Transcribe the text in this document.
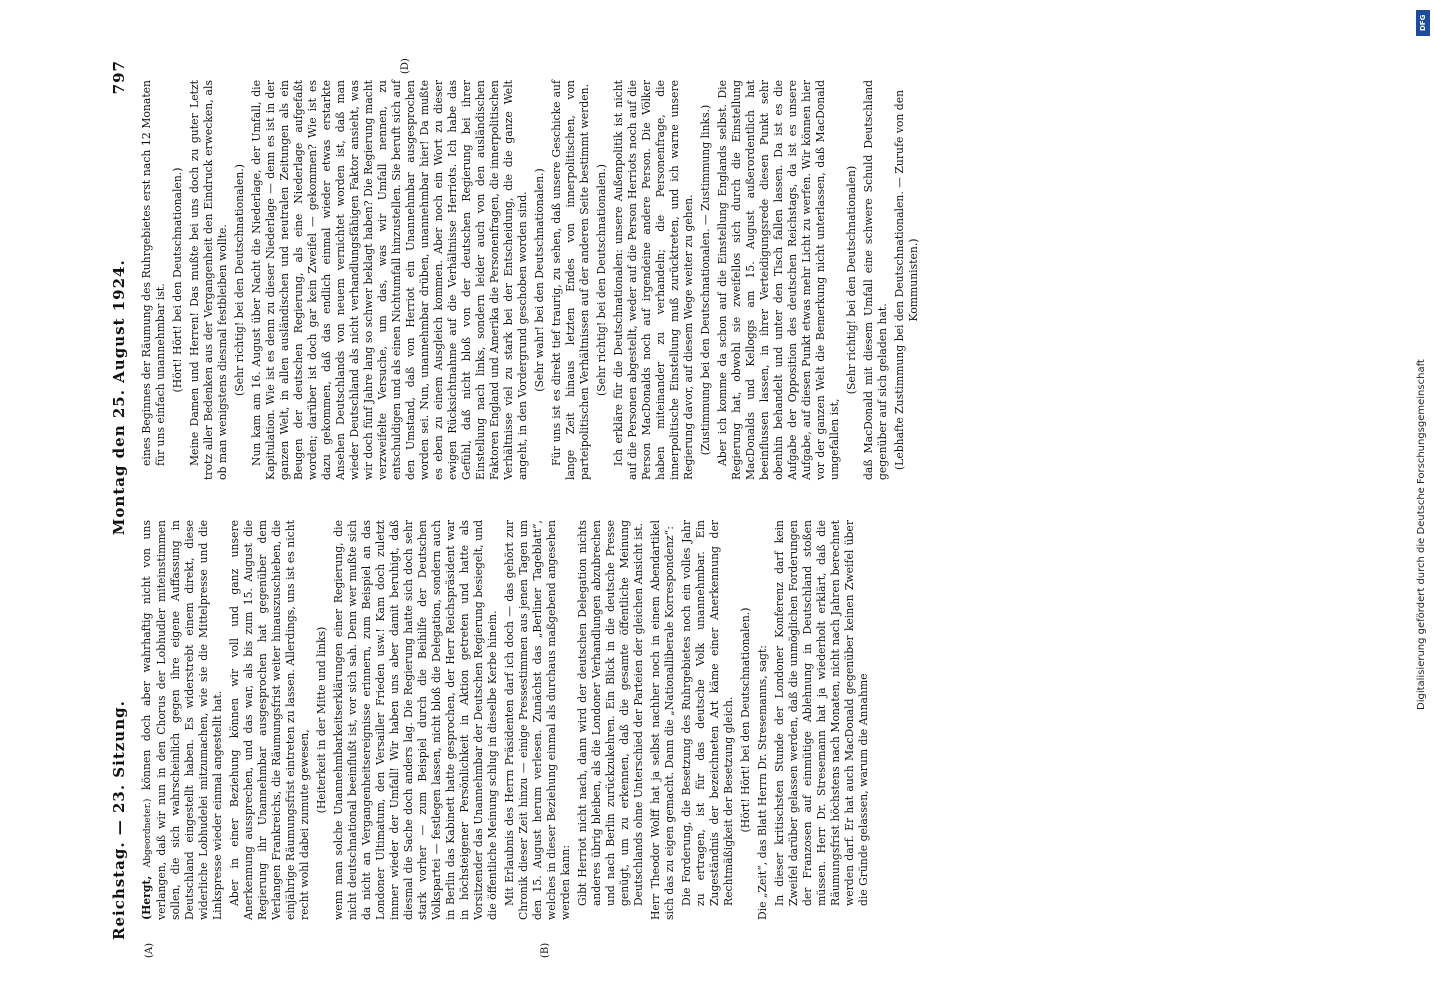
Reichstag. — 23. Sitzung.
Montag den 25. August 1924.
797
(A)	(B)
(D)

(Hergt, Abgeordneter.) können doch aber wahrhaftig nicht von uns verlangen, daß wir nun in den Chorus der Lobhudler miteinstimmen sollen, die sich wahrscheinlich gegen ihre eigene Auffassung in Deutschland eingestellt haben. Es widerstrebt einem direkt, diese widerliche Lobhudelei mitzumachen, wie sie die Mittelpresse und die Linkspresse wieder einmal angestellt hat. Aber in einer Beziehung können wir voll und ganz unsere Anerkennung aussprechen, und das war, als bis zum 15. August die Regierung ihr Unannehmbar ausgesprochen hat gegenüber dem Verlangen Frankreichs, die Räumungsfrist weiter hinauszuschieben, die einjährige Räumungsfrist eintreten zu lassen. Allerdings, uns ist es nicht recht wohl dabei zumute gewesen,

(Heiterkeit in der Mitte und links) wenn man solche Unannehmbarkeitserklärungen einer Regierung, die nicht deutschnational beeinflußt ist, vor sich sah. Denn wer mußte sich da nicht an Vergangenheitsereignisse erinnern, zum Beispiel an das Londoner Ultimatum, den Versailler Frieden usw.! Kam doch zuletzt immer wieder der Umfall! Wir haben uns aber damit beruhigt, daß diesmal die Sache doch anders lag. Die Regierung hatte sich doch sehr stark vorher — zum Beispiel durch die Beihilfe der Deutschen Volkspartei — festlegen lassen, nicht bloß die Delegation, sondern auch in Berlin das Kabinett hatte gesprochen, der Herr Reichspräsident war in höchsteigener Persönlichkeit in Aktion getreten und hatte als Vorsitzender das Unannehmbar der Deutschen Regierung besiegelt, und die öffentliche Meinung schlug in dieselbe Kerbe hinein. Mit Erlaubnis des Herrn Präsidenten darf ich doch — das gehört zur Chronik dieser Zeit hinzu — einige Pressestimmen aus jenen Tagen um den 15. August herum verlesen. Zunächst das „Berliner Tageblatt“, welches in dieser Beziehung einmal als durchaus maßgebend angesehen werden kann: Gibt Herriot nicht nach, dann wird der deutschen Delegation nichts anderes übrig bleiben, als die Londoner Verhandlungen abzubrechen und nach Berlin zurückzukehren. Ein Blick in die deutsche Presse genügt, um zu erkennen, daß die gesamte öffentliche Meinung Deutschlands ohne Unterschied der Parteien der gleichen Ansicht ist. Herr Theodor Wolff hat ja selbst nachher noch in einem Abendartikel sich das zu eigen gemacht. Dann die „Nationalliberale Korrespondenz“: Die Forderung, die Besetzung des Ruhrgebietes noch ein volles Jahr zu ertragen, ist für das deutsche Volk unannehmbar. Ein Zugeständnis der bezeichneten Art käme einer Anerkennung der Rechtmäßigkeit der Besetzung gleich. (Hört! Hört! bei den Deutschnationalen.) Die „Zeit“, das Blatt Herrn Dr. Stresemanns, sagt: In dieser kritischsten Stunde der Londoner Konferenz darf kein Zweifel darüber gelassen werden, daß die unmöglichen Forderungen der Franzosen auf einmütige Ablehnung in Deutschland stoßen müssen. Herr Dr. Stresemann hat ja wiederholt erklärt, daß die Räumungsfrist höchstens nach Monaten, nicht nach Jahren berechnet werden darf. Er hat auch MacDonald gegenüber keinen Zweifel über die Gründe gelassen, warum die Annahme

eines Beginnes der Räumung des Ruhrgebietes erst nach 12 Monaten für uns einfach unannehmbar ist. (Hört! Hört! bei den Deutschnationalen.) Meine Damen und Herren! Das mußte bei uns doch zu guter Letzt trotz aller Bedenken aus der Vergangenheit den Eindruck erwecken, als ob man wenigstens diesmal festbleiben wollte. (Sehr richtig! bei den Deutschnationalen.) Nun kam am 16. August über Nacht die Niederlage, der Umfall, die Kapitulation. Wie ist es denn zu dieser Niederlage — denn es ist in der ganzen Welt, in allen ausländischen und neutralen Zeitungen als ein Beugen der deutschen Regierung, als eine Niederlage aufgefaßt worden; darüber ist doch gar kein Zweifel — gekommen? Wie ist es dazu gekommen, daß das endlich einmal wieder etwas erstarkte Ansehen Deutschlands von neuem vernichtet worden ist, daß man wieder Deutschland als nicht verhandlungsfähigen Faktor ansieht, was wir doch fünf Jahre lang so schwer beklagt haben? Die Regierung macht verzweifelte Versuche, um das, was wir Umfall nennen, zu entschuldigen und als einen Nichtumfall hinzustellen. Sie beruft sich auf den Umstand, daß von Herriot ein Unannehmbar ausgesprochen worden sei. Nun, unannehmbar drüben, unannehmbar hier! Da mußte es eben zu einem Ausgleich kommen. Aber noch ein Wort zu dieser ewigen Rücksichtnahme auf die Verhältnisse Herriots. Ich habe das Gefühl, daß nicht bloß von der deutschen Regierung bei ihrer Einstellung nach links, sondern leider auch von den ausländischen Faktoren England und Amerika die Personenfragen, die innerpolitischen Verhältnisse viel zu stark bei der Entscheidung, die die ganze Welt angeht, in den Vordergrund geschoben worden sind. (Sehr wahr! bei den Deutschnationalen.) Für uns ist es direkt tief traurig, zu sehen, daß unsere Geschicke auf lange Zeit hinaus letzten Endes von innerpolitischen, von parteipolitischen Verhältnissen auf der anderen Seite bestimmt werden. (Sehr richtig! bei den Deutschnationalen.) Ich erkläre für die Deutschnationalen: unsere Außenpolitik ist nicht auf die Personen abgestellt, weder auf die Person Herriots noch auf die Person MacDonalds noch auf irgendeine andere Person. Die Völker haben miteinander zu verhandeln; die Personenfrage, die innerpolitische Einstellung muß zurücktreten, und ich warne unsere Regierung davor, auf diesem Wege weiter zu gehen. (Zustimmung bei den Deutschnationalen. — Zustimmung links.) Aber ich komme da schon auf die Einstellung Englands selbst. Die Regierung hat, obwohl sie zweifellos sich durch die Einstellung MacDonalds und Kelloggs am 15. August außerordentlich hat beeinflussen lassen, in ihrer Verteidigungsrede diesen Punkt sehr obenhin behandelt und unter den Tisch fallen lassen. Da ist es die Aufgabe der Opposition des deutschen Reichstags, da ist es unsere Aufgabe, auf diesen Punkt etwas mehr Licht zu werfen. Wir können hier vor der ganzen Welt die Bemerkung nicht unterlassen, daß MacDonald umgefallen ist,

(Sehr richtig! bei den Deutschnationalen) daß MacDonald mit diesem Umfall eine schwere Schuld Deutschland gegenüber auf sich geladen hat. (Lebhafte Zustimmung bei den Deutschnationalen. — Zurufe von den Kommunisten.)

DFG
Digitalisierung gefördert durch die Deutsche Forschungsgemeinschaft
